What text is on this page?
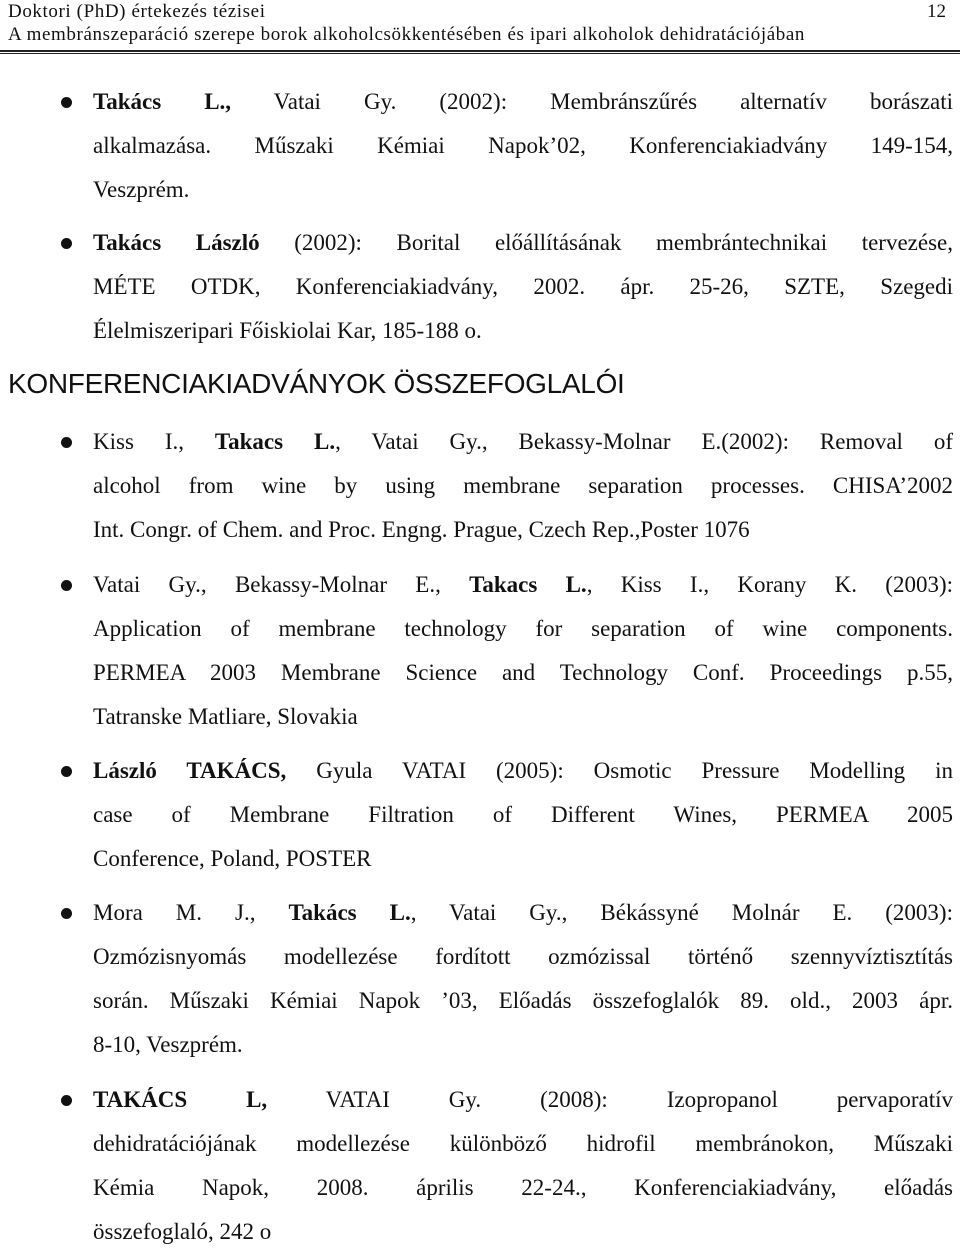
Doktori (PhD) értekezés tézisei	12
A membránszeparáció szerepe borok alkoholcsökkentésében és ipari alkoholok dehidratációjában
Takács L., Vatai Gy. (2002): Membránszűrés alternatív borászati
alkalmazása. Műszaki Kémiai Napok’02, Konferenciakiadvány 149-154,
Veszprém.
Takács László (2002): Borital előállításának membrántechnikai tervezése,
MÉTE OTDK, Konferenciakiadvány, 2002. ápr. 25-26, SZTE, Szegedi
Élelmiszeripari Főiskiolai Kar, 185-188 o.
KONFERENCIAKIADVÁNYOK ÖSSZEFOGLALÓI
Kiss I., Takacs L., Vatai Gy., Bekassy-Molnar E.(2002): Removal of
alcohol from wine by using membrane separation processes. CHISA’2002
Int. Congr. of Chem. and Proc. Engng. Prague, Czech Rep.,Poster 1076
Vatai Gy., Bekassy-Molnar E., Takacs L., Kiss I., Korany K. (2003):
Application of membrane technology for separation of wine components.
PERMEA 2003 Membrane Science and Technology Conf. Proceedings p.55,
Tatranske Matliare, Slovakia
László TAKÁCS, Gyula VATAI (2005): Osmotic Pressure Modelling in
case of Membrane Filtration of Different Wines, PERMEA 2005
Conference, Poland, POSTER
Mora M. J., Takács L., Vatai Gy., Békássyné Molnár E. (2003):
Ozmózisnyomás modellezése fordított ozmózissal történő szennyvíztisztítás
során. Műszaki Kémiai Napok ’03, Előadás összefoglalók 89. old., 2003 ápr.
8-10, Veszprém.
TAKÁCS L, VATAI Gy. (2008): Izopropanol pervaporatív
dehidratációjának modellezése különböző hidrofil membránokon, Műszaki
Kémia Napok, 2008. április 22-24., Konferenciakiadvány, előadás
összefoglaló, 242 o
